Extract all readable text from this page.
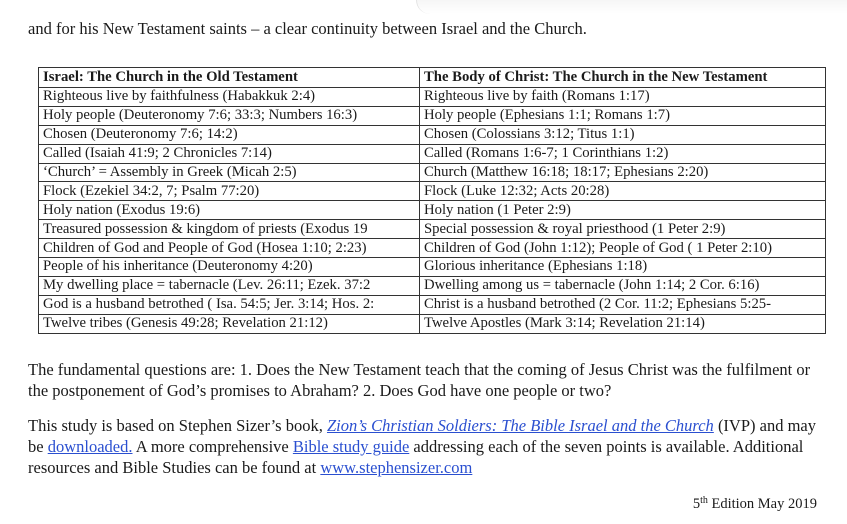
and for his New Testament saints – a clear continuity between Israel and the Church.
Israel: The Church in the Old Testament	The Body of Christ: The Church in the New Testament
Righteous live by faithfulness (Habakkuk 2:4)	Righteous live by faith (Romans 1:17)
Holy people (Deuteronomy 7:6; 33:3; Numbers 16:3)	Holy people (Ephesians 1:1; Romans 1:7)
Chosen (Deuteronomy 7:6; 14:2)	Chosen (Colossians 3:12; Titus 1:1)
Called (Isaiah 41:9; 2 Chronicles 7:14)	Called (Romans 1:6-7; 1 Corinthians 1:2)
‘Church’ = Assembly in Greek (Micah 2:5)	Church (Matthew 16:18; 18:17; Ephesians 2:20)
Flock (Ezekiel 34:2, 7; Psalm 77:20)	Flock (Luke 12:32; Acts 20:28)
Holy nation (Exodus 19:6)	Holy nation (1 Peter 2:9)
Treasured possession & kingdom of priests (Exodus 19	Special possession & royal priesthood (1 Peter 2:9)
Children of God and People of God (Hosea 1:10; 2:23)	Children of God (John 1:12); People of God ( 1 Peter 2:10)
People of his inheritance (Deuteronomy 4:20)	Glorious inheritance (Ephesians 1:18)
My dwelling place = tabernacle (Lev. 26:11; Ezek. 37:2	Dwelling among us = tabernacle (John 1:14; 2 Cor. 6:16)
God is a husband betrothed ( Isa. 54:5; Jer. 3:14; Hos. 2:	Christ is a husband betrothed (2 Cor. 11:2; Ephesians 5:25-
Twelve tribes (Genesis 49:28; Revelation 21:12)	Twelve Apostles (Mark 3:14; Revelation 21:14)
The fundamental questions are: 1. Does the New Testament teach that the coming of Jesus Christ was the fulfilment or the postponement of God’s promises to Abraham? 2. Does God have one people or two?
This study is based on Stephen Sizer’s book, Zion’s Christian Soldiers: The Bible Israel and the Church (IVP) and may be downloaded. A more comprehensive Bible study guide addressing each of the seven points is available. Additional resources and Bible Studies can be found at www.stephensizer.com
5th Edition May 2019
